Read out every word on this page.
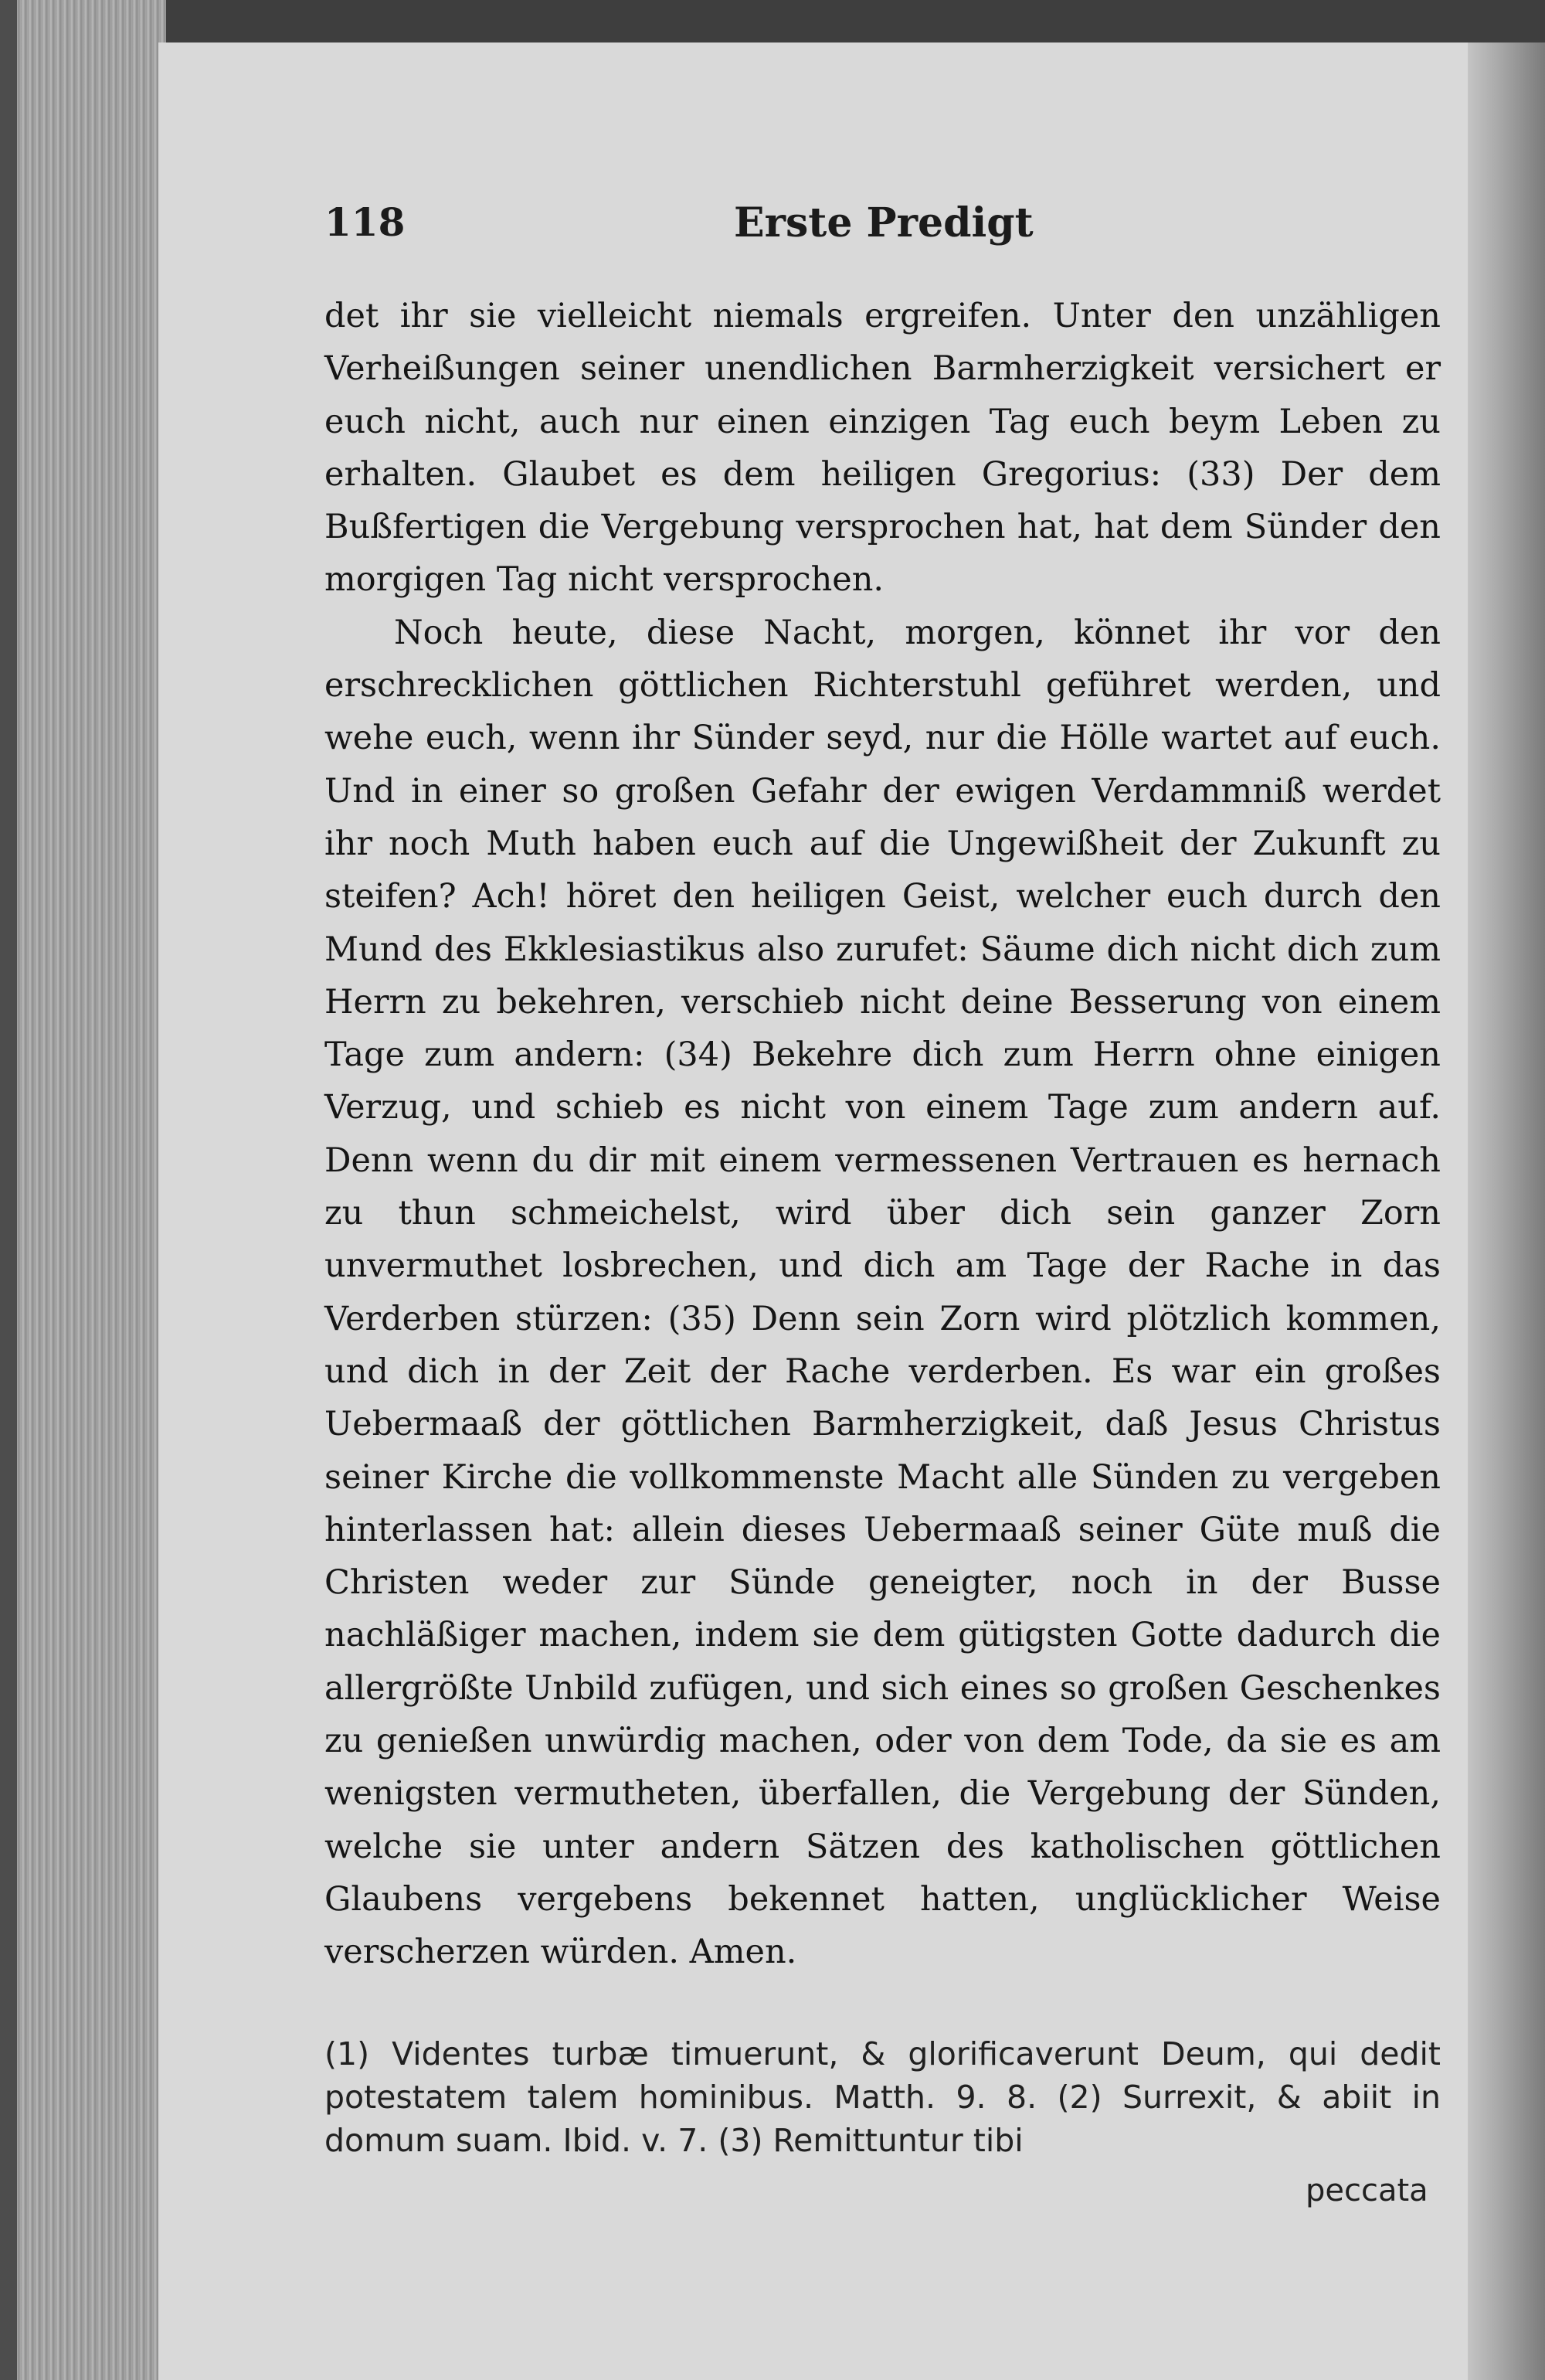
118	Erste Predigt

det ihr sie vielleicht niemals ergreifen. Unter den unzähligen Verheißungen seiner unendlichen Barmherzigkeit versichert er euch nicht, auch nur einen einzigen Tag euch beym Leben zu erhalten. Glaubet es dem heiligen Gregorius: (33) Der dem Bußfertigen die Vergebung versprochen hat, hat dem Sünder den morgigen Tag nicht versprochen.

Noch heute, diese Nacht, morgen, könnet ihr vor den erschrecklichen göttlichen Richterstuhl geführet werden, und wehe euch, wenn ihr Sünder seyd, nur die Hölle wartet auf euch. Und in einer so großen Gefahr der ewigen Verdammniß werdet ihr noch Muth haben euch auf die Ungewißheit der Zukunft zu steifen? Ach! höret den heiligen Geist, welcher euch durch den Mund des Ekklesiastikus also zurufet: Säume dich nicht dich zum Herrn zu bekehren, verschieb nicht deine Besserung von einem Tage zum andern: (34) Bekehre dich zum Herrn ohne einigen Verzug, und schieb es nicht von einem Tage zum andern auf. Denn wenn du dir mit einem vermessenen Vertrauen es hernach zu thun schmeichelst, wird über dich sein ganzer Zorn unvermuthet losbrechen, und dich am Tage der Rache in das Verderben stürzen: (35) Denn sein Zorn wird plötzlich kommen, und dich in der Zeit der Rache verderben. Es war ein großes Uebermaaß der göttlichen Barmherzigkeit, daß Jesus Christus seiner Kirche die vollkommenste Macht alle Sünden zu vergeben hinterlassen hat: allein dieses Uebermaaß seiner Güte muß die Christen weder zur Sünde geneigter, noch in der Busse nachläßiger machen, indem sie dem gütigsten Gotte dadurch die allergrößte Unbild zufügen, und sich eines so großen Geschenkes zu genießen unwürdig machen, oder von dem Tode, da sie es am wenigsten vermutheten, überfallen, die Vergebung der Sünden, welche sie unter andern Sätzen des katholischen göttlichen Glaubens vergebens bekennet hatten, unglücklicher Weise verscherzen würden. Amen.

(1) Videntes turbæ timuerunt, & glorificaverunt Deum, qui dedit potestatem talem hominibus. Matth. 9. 8. (2) Surrexit, & abiit in domum suam. Ibid. v. 7. (3) Remittuntur tibi
peccata
